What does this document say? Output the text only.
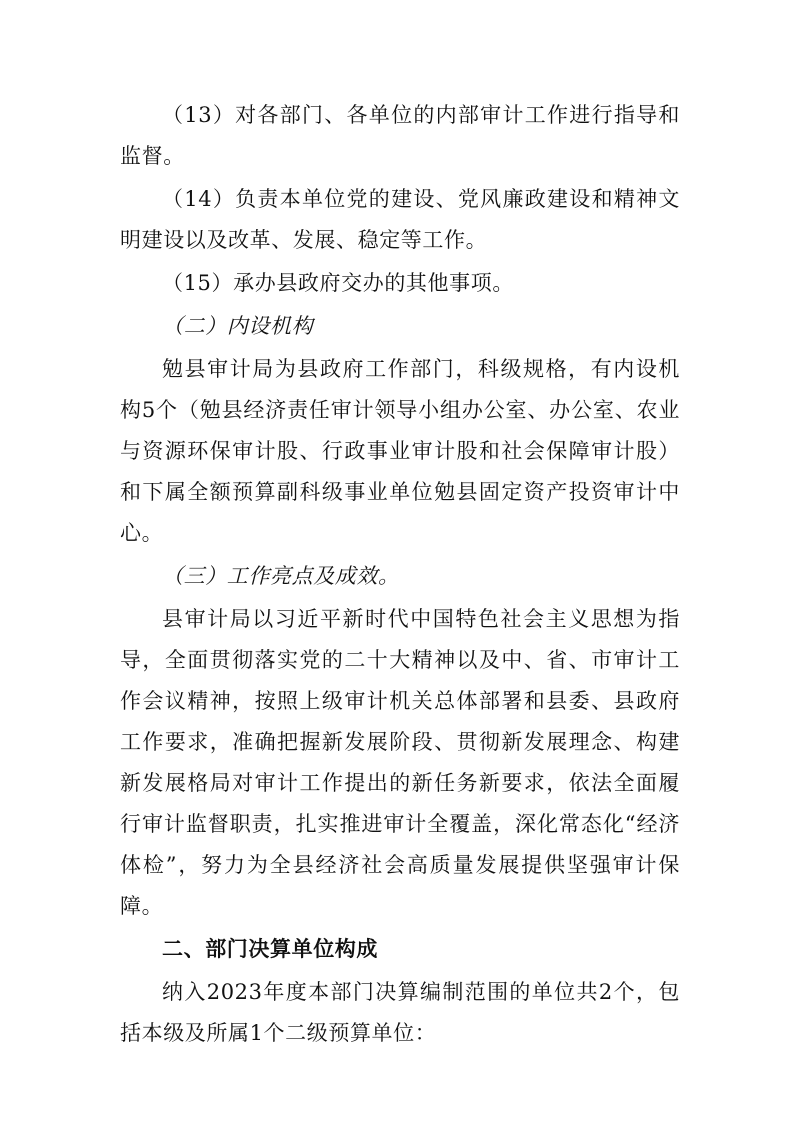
（13）对各部门、各单位的内部审计工作进行指导和监督。

（14）负责本单位党的建设、党风廉政建设和精神文明建设以及改革、发展、稳定等工作。

（15）承办县政府交办的其他事项。

（二）内设机构

勉县审计局为县政府工作部门，科级规格，有内设机构5个（勉县经济责任审计领导小组办公室、办公室、农业与资源环保审计股、行政事业审计股和社会保障审计股）和下属全额预算副科级事业单位勉县固定资产投资审计中心。

（三）工作亮点及成效。

县审计局以习近平新时代中国特色社会主义思想为指导，全面贯彻落实党的二十大精神以及中、省、市审计工作会议精神，按照上级审计机关总体部署和县委、县政府工作要求，准确把握新发展阶段、贯彻新发展理念、构建新发展格局对审计工作提出的新任务新要求，依法全面履行审计监督职责，扎实推进审计全覆盖，深化常态化“经济体检”，努力为全县经济社会高质量发展提供坚强审计保障。

二、部门决算单位构成

纳入2023年度本部门决算编制范围的单位共2个，包括本级及所属1个二级预算单位：
